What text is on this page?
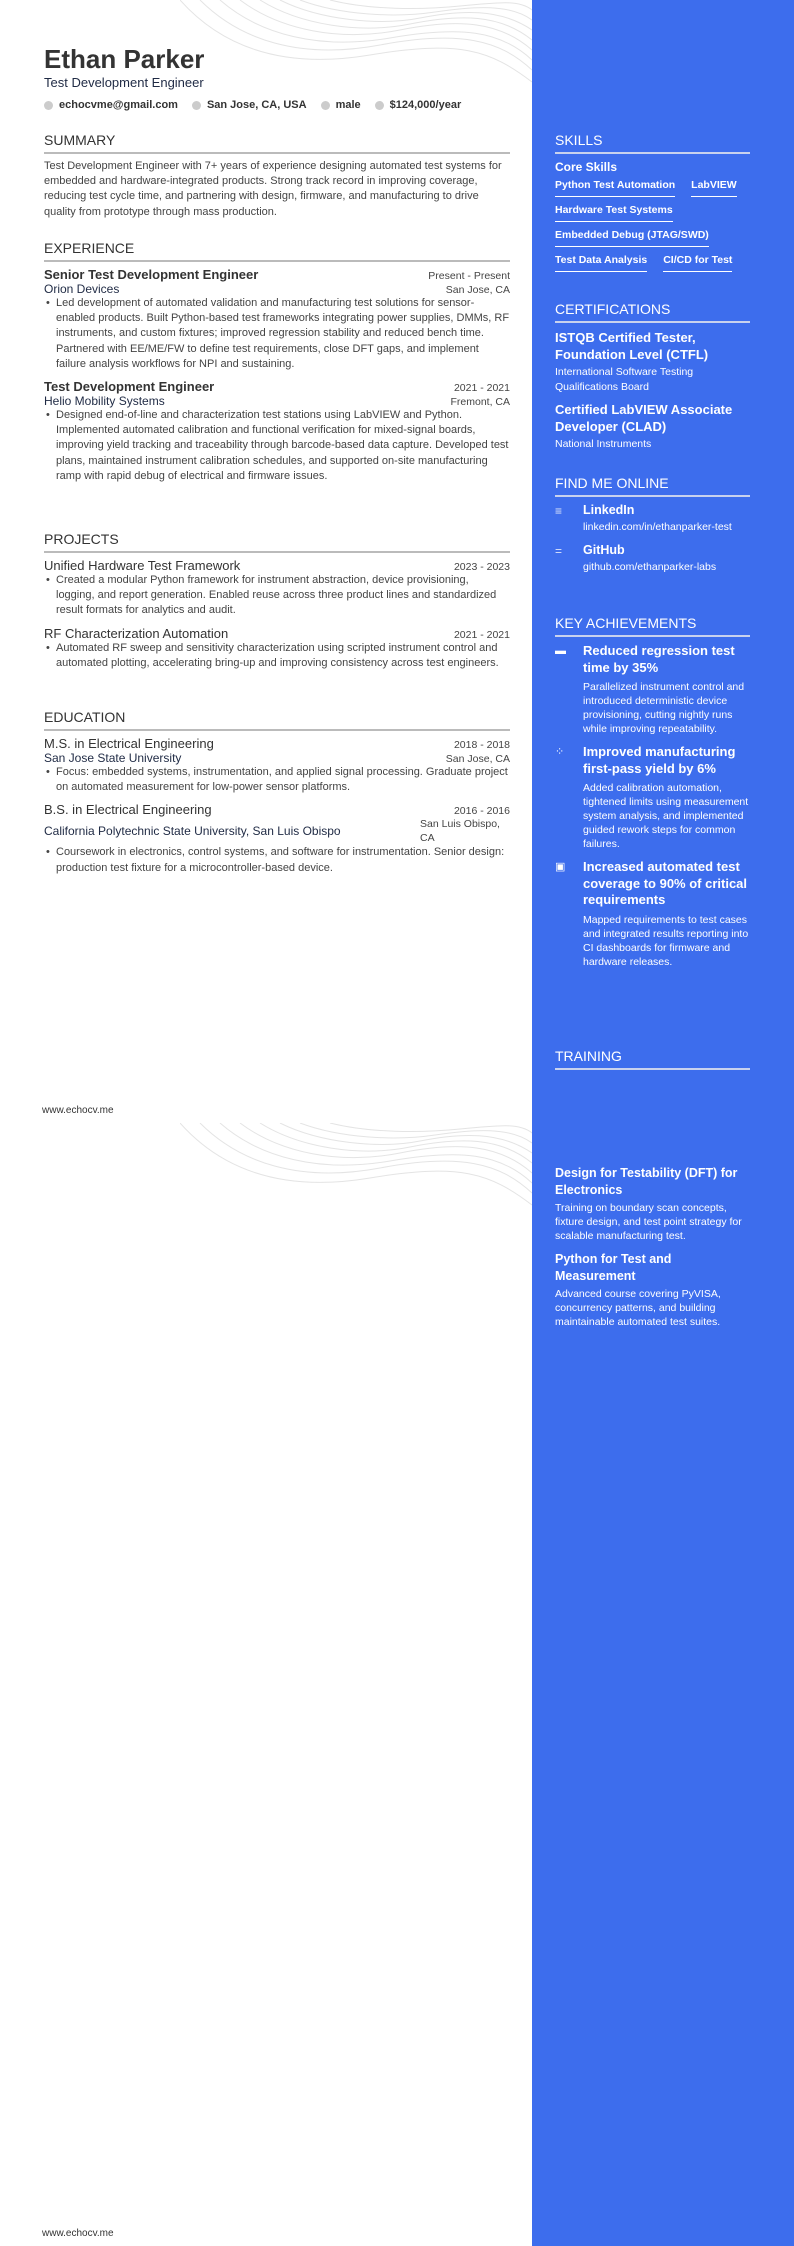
Ethan Parker
Test Development Engineer
echocvme@gmail.com	San Jose, CA, USA	male	$124,000/year
SUMMARY
Test Development Engineer with 7+ years of experience designing automated test systems for embedded and hardware-integrated products. Strong track record in improving coverage, reducing test cycle time, and partnering with design, firmware, and manufacturing to drive quality from prototype through mass production.
EXPERIENCE
Senior Test Development Engineer	Present - Present
Orion Devices	San Jose, CA
• Led development of automated validation and manufacturing test solutions for sensor-enabled products. Built Python-based test frameworks integrating power supplies, DMMs, RF instruments, and custom fixtures; improved regression stability and reduced bench time. Partnered with EE/ME/FW to define test requirements, close DFT gaps, and implement failure analysis workflows for NPI and sustaining.
Test Development Engineer	2021 - 2021
Helio Mobility Systems	Fremont, CA
• Designed end-of-line and characterization test stations using LabVIEW and Python. Implemented automated calibration and functional verification for mixed-signal boards, improving yield tracking and traceability through barcode-based data capture. Developed test plans, maintained instrument calibration schedules, and supported on-site manufacturing ramp with rapid debug of electrical and firmware issues.
PROJECTS
Unified Hardware Test Framework	2023 - 2023
• Created a modular Python framework for instrument abstraction, device provisioning, logging, and report generation. Enabled reuse across three product lines and standardized result formats for analytics and audit.
RF Characterization Automation	2021 - 2021
• Automated RF sweep and sensitivity characterization using scripted instrument control and automated plotting, accelerating bring-up and improving consistency across test engineers.
EDUCATION
M.S. in Electrical Engineering	2018 - 2018
San Jose State University	San Jose, CA
• Focus: embedded systems, instrumentation, and applied signal processing. Graduate project on automated measurement for low-power sensor platforms.
B.S. in Electrical Engineering	2016 - 2016
California Polytechnic State University, San Luis Obispo	San Luis Obispo, CA
• Coursework in electronics, control systems, and software for instrumentation. Senior design: production test fixture for a microcontroller-based device.
www.echocv.me
www.echocv.me
SKILLS
Core Skills
Python Test Automation LabVIEW
Hardware Test Systems
Embedded Debug (JTAG/SWD)
Test Data Analysis CI/CD for Test
CERTIFICATIONS
ISTQB Certified Tester, Foundation Level (CTFL)
International Software Testing Qualifications Board
Certified LabVIEW Associate Developer (CLAD)
National Instruments
FIND ME ONLINE
≡	LinkedIn
linkedin.com/in/ethanparker-test
=	GitHub
github.com/ethanparker-labs
KEY ACHIEVEMENTS
▬ Reduced regression test time by 35%
Parallelized instrument control and introduced deterministic device provisioning, cutting nightly runs while improving repeatability.
⁘	Improved manufacturing first-pass yield by 6%
Added calibration automation, tightened limits using measurement system analysis, and implemented guided rework steps for common failures.
▣ Increased automated test coverage to 90% of critical requirements
Mapped requirements to test cases and integrated results reporting into CI dashboards for firmware and hardware releases.
TRAINING
Design for Testability (DFT) for Electronics
Training on boundary scan concepts, fixture design, and test point strategy for scalable manufacturing test.
Python for Test and Measurement
Advanced course covering PyVISA, concurrency patterns, and building maintainable automated test suites.
